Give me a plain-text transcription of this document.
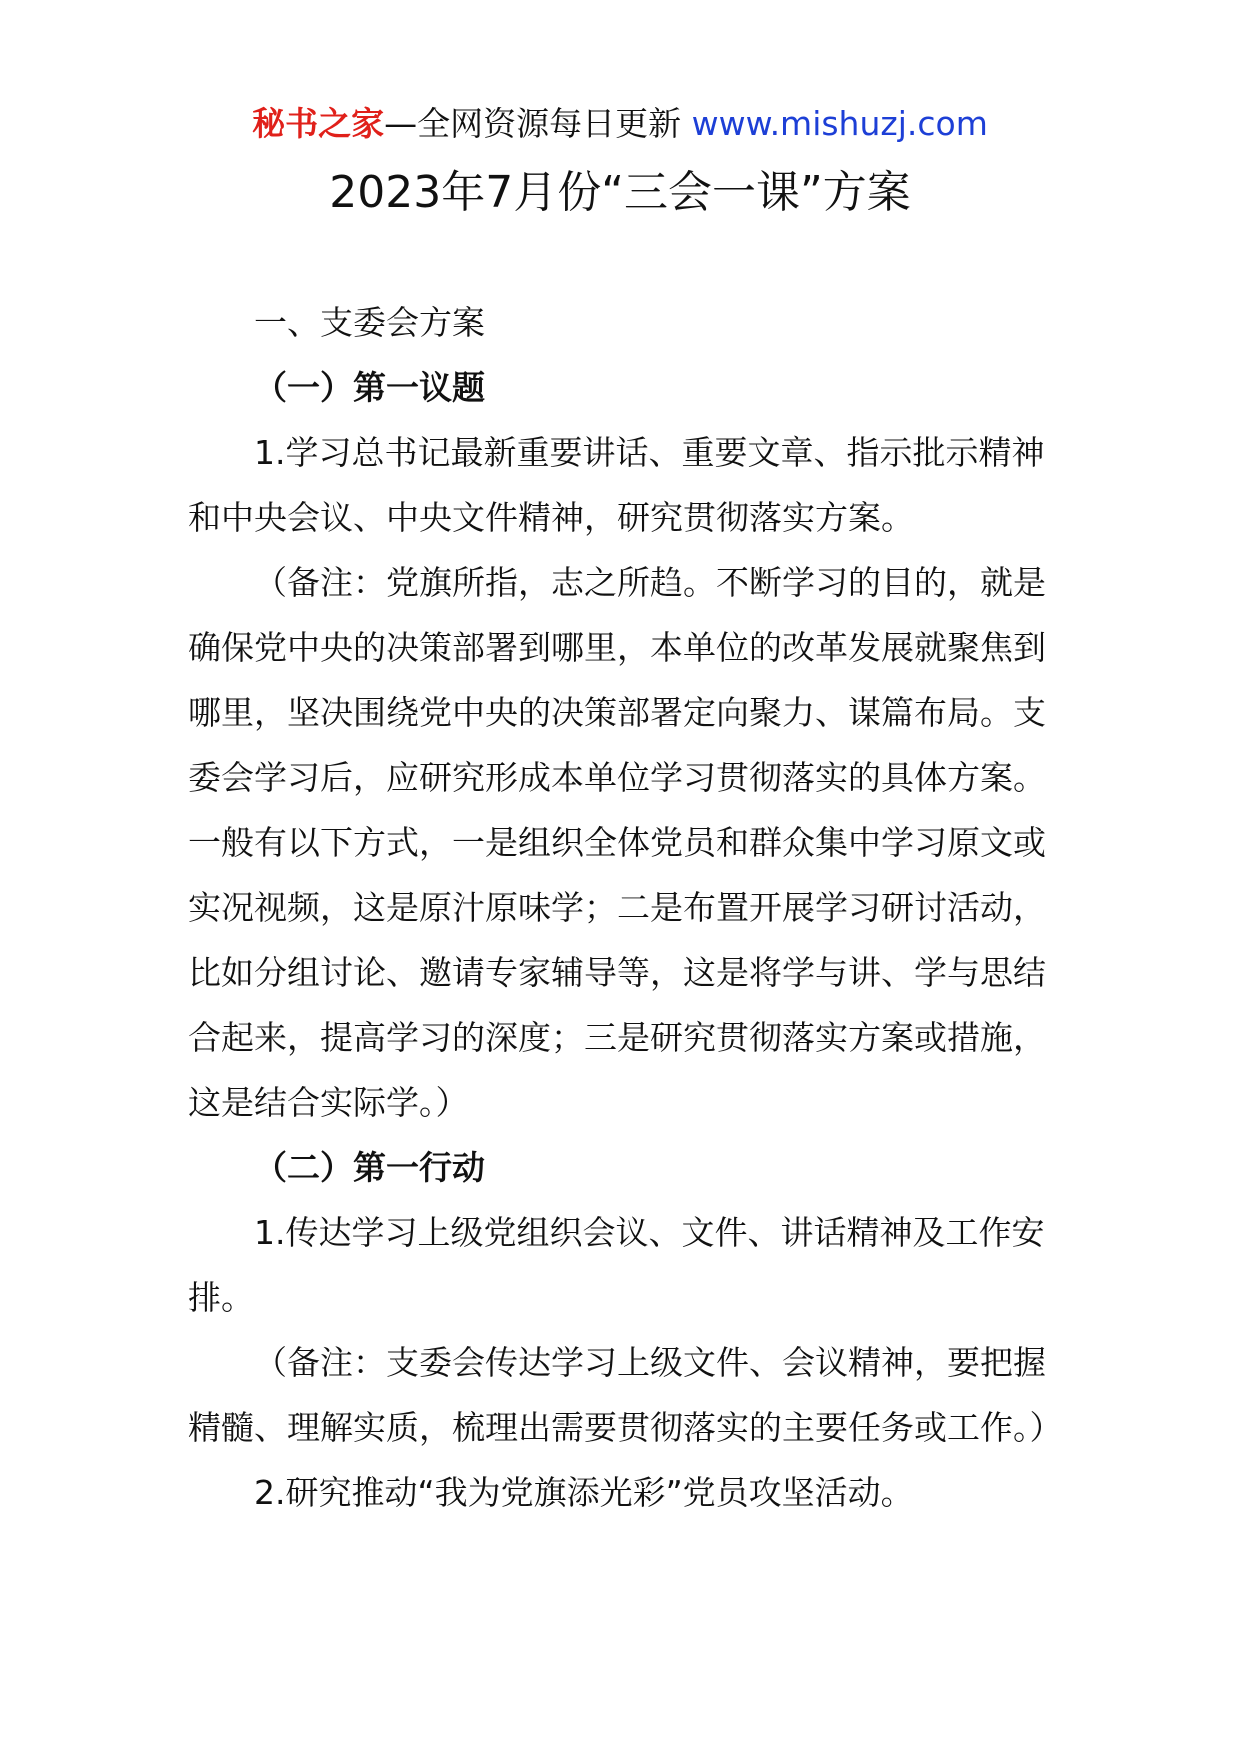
秘书之家—全网资源每日更新 www.mishuzj.com
2023年7月份“三会一课”方案

一、支委会方案

（一）第一议题

1.学习总书记最新重要讲话、重要文章、指示批示精神和中央会议、中央文件精神，研究贯彻落实方案。

（备注：党旗所指，志之所趋。不断学习的目的，就是确保党中央的决策部署到哪里，本单位的改革发展就聚焦到哪里，坚决围绕党中央的决策部署定向聚力、谋篇布局。支委会学习后，应研究形成本单位学习贯彻落实的具体方案。一般有以下方式，一是组织全体党员和群众集中学习原文或实况视频，这是原汁原味学；二是布置开展学习研讨活动，比如分组讨论、邀请专家辅导等，这是将学与讲、学与思结合起来，提高学习的深度；三是研究贯彻落实方案或措施，这是结合实际学。）

（二）第一行动

1.传达学习上级党组织会议、文件、讲话精神及工作安排。

（备注：支委会传达学习上级文件、会议精神，要把握精髓、理解实质，梳理出需要贯彻落实的主要任务或工作。）

2.研究推动“我为党旗添光彩”党员攻坚活动。
